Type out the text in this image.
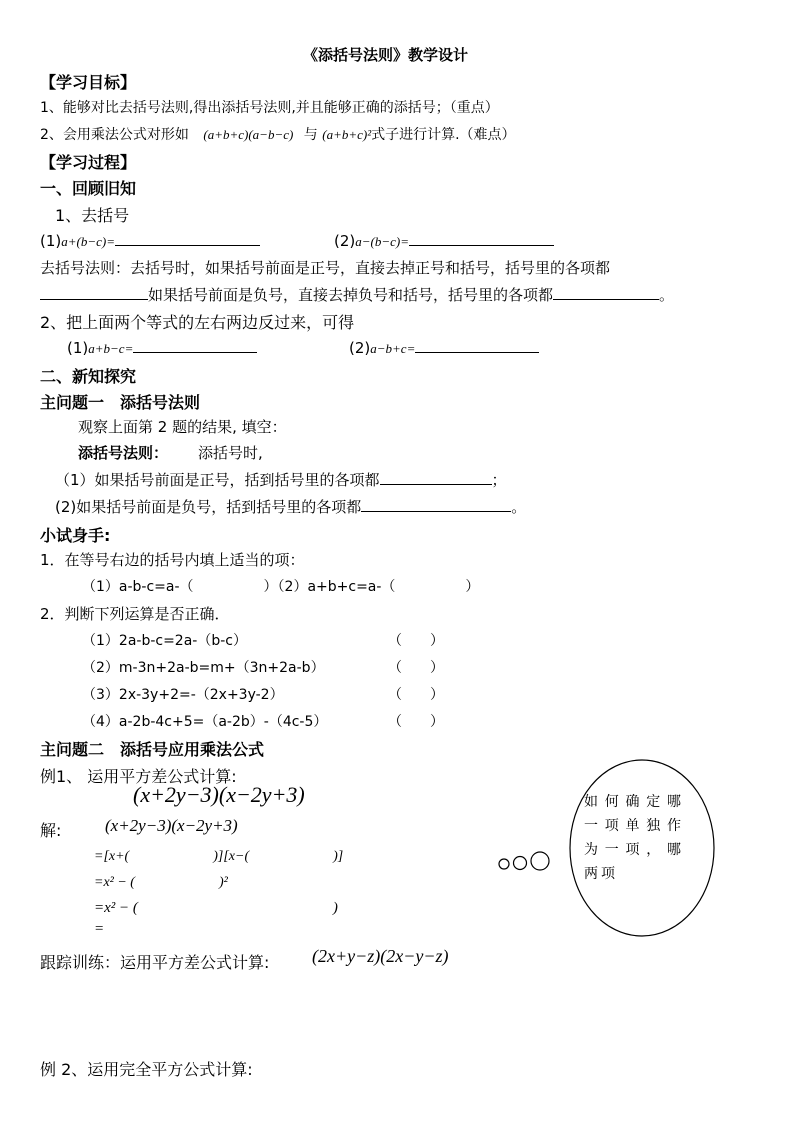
《添括号法则》教学设计
【学习目标】
1、能够对比去括号法则,得出添括号法则,并且能够正确的添括号；（重点）
2、会用乘法公式对形如 (a+b+c)(a−b−c) 与 (a+b+c)²式子进行计算.（难点）
【学习过程】
一、回顾旧知
1、去括号
(1)a+(b−c)=	(2)a−(b−c)=
去括号法则：去括号时，如果括号前面是正号，直接去掉正号和括号，括号里的各项都
如果括号前面是负号，直接去掉负号和括号，括号里的各项都	。
2、把上面两个等式的左右两边反过来，可得
(1)a+b−c=	(2)a−b+c=
二、新知探究
主问题一　添括号法则
观察上面第 2 题的结果, 填空：
添括号法则： 添括号时,
（1）如果括号前面是正号，括到括号里的各项都	；
(2)如果括号前面是负号，括到括号里的各项都	。
小试身手:
1．在等号右边的括号内填上适当的项：
（1）a-b-c=a-（　　　　　）（2）a+b+c=a-（　　　　　）
2．判断下列运算是否正确．
（1）2a-b-c=2a-（b-c）	（　　）
（2）m-3n+2a-b=m+（3n+2a-b）	（　　）
（3）2x-3y+2=-（2x+3y-2）	（　　）
（4）a-2b-4c+5=（a-2b）-（4c-5）	（　　）
主问题二　添括号应用乘法公式
例1、 运用平方差公式计算:
(x+2y−3)(x−2y+3)
解:	(x+2y−3)(x−2y+3)
=[x+(　　　　　　)][x−(　　　　　　)]
=x² − (　　　　　　)²
=x² − (　　　　　　　　　　　　　)
=
如何确定哪一项单独作为一项，哪两项
跟踪训练：运用平方差公式计算: (2x+y−z)(2x−y−z)
例 2、运用完全平方公式计算:
